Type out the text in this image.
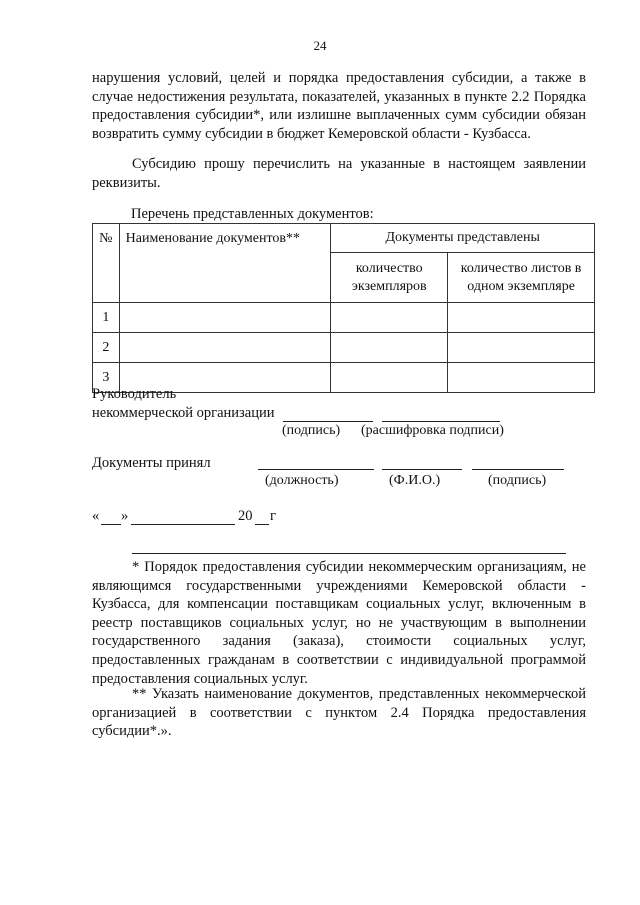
24

нарушения условий, целей и порядка предоставления субсидии, а также в случае недостижения результата, показателей, указанных в пункте 2.2 Порядка предоставления субсидии*, или излишне выплаченных сумм субсидии обязан возвратить сумму субсидии в бюджет Кемеровской области - Кузбасса.

Субсидию прошу перечислить на указанные в настоящем заявлении реквизиты.

Перечень представленных документов:
№	Наименование документов**	Документы представлены	
		количество экземпляров	количество листов в одном экземпляре
1			
2			
3			
Руководитель
некоммерческой организации
(подпись) (расшифровка подписи)
Документы принял
(должность)	(Ф.И.О.)	(подпись)
« »	20 г

* Порядок предоставления субсидии некоммерческим организациям, не являющимся государственными учреждениями Кемеровской области - Кузбасса, для компенсации поставщикам социальных услуг, включенным в реестр поставщиков социальных услуг, но не участвующим в выполнении государственного задания (заказа), стоимости социальных услуг, предоставленных гражданам в соответствии с индивидуальной программой предоставления социальных услуг.

** Указать наименование документов, представленных некоммерческой организацией в соответствии с пунктом 2.4 Порядка предоставления субсидии*.».
